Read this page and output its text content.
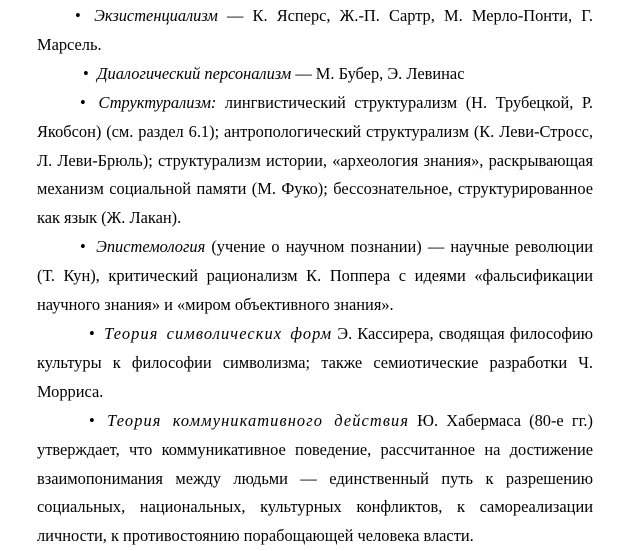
• Экзистенциализм — К. Ясперс, Ж.-П. Сартр, М. Мерло-Понти, Г. Марсель.

• Диалогический персонализм — М. Бубер, Э. Левинас

• Структурализм: лингвистический структурализм (Н. Трубецкой, Р. Якобсон) (см. раздел 6.1); антропологический структурализм (К. Леви-Стросс, Л. Леви-Брюль); структурализм истории, «археология знания», раскрывающая механизм социальной памяти (М. Фуко); бессознательное, структурированное как язык (Ж. Лакан).

• Эпистемология (учение о научном познании) — научные революции (Т. Кун), критический рационализм К. Поппера с идеями «фальсификации научного знания» и «миром объективного знания».

• Теория символических форм Э. Кассирера, сводящая философию культуры к философии символизма; также семиотические разработки Ч. Морриса.

• Теория коммуникативного действия Ю. Хабермаса (80-е гг.) утверждает, что коммуникативное поведение, рассчитанное на достижение взаимопонимания между людьми — единственный путь к разрешению социальных, национальных, культурных конфликтов, к самореализации личности, к противостоянию порабощающей человека власти.
